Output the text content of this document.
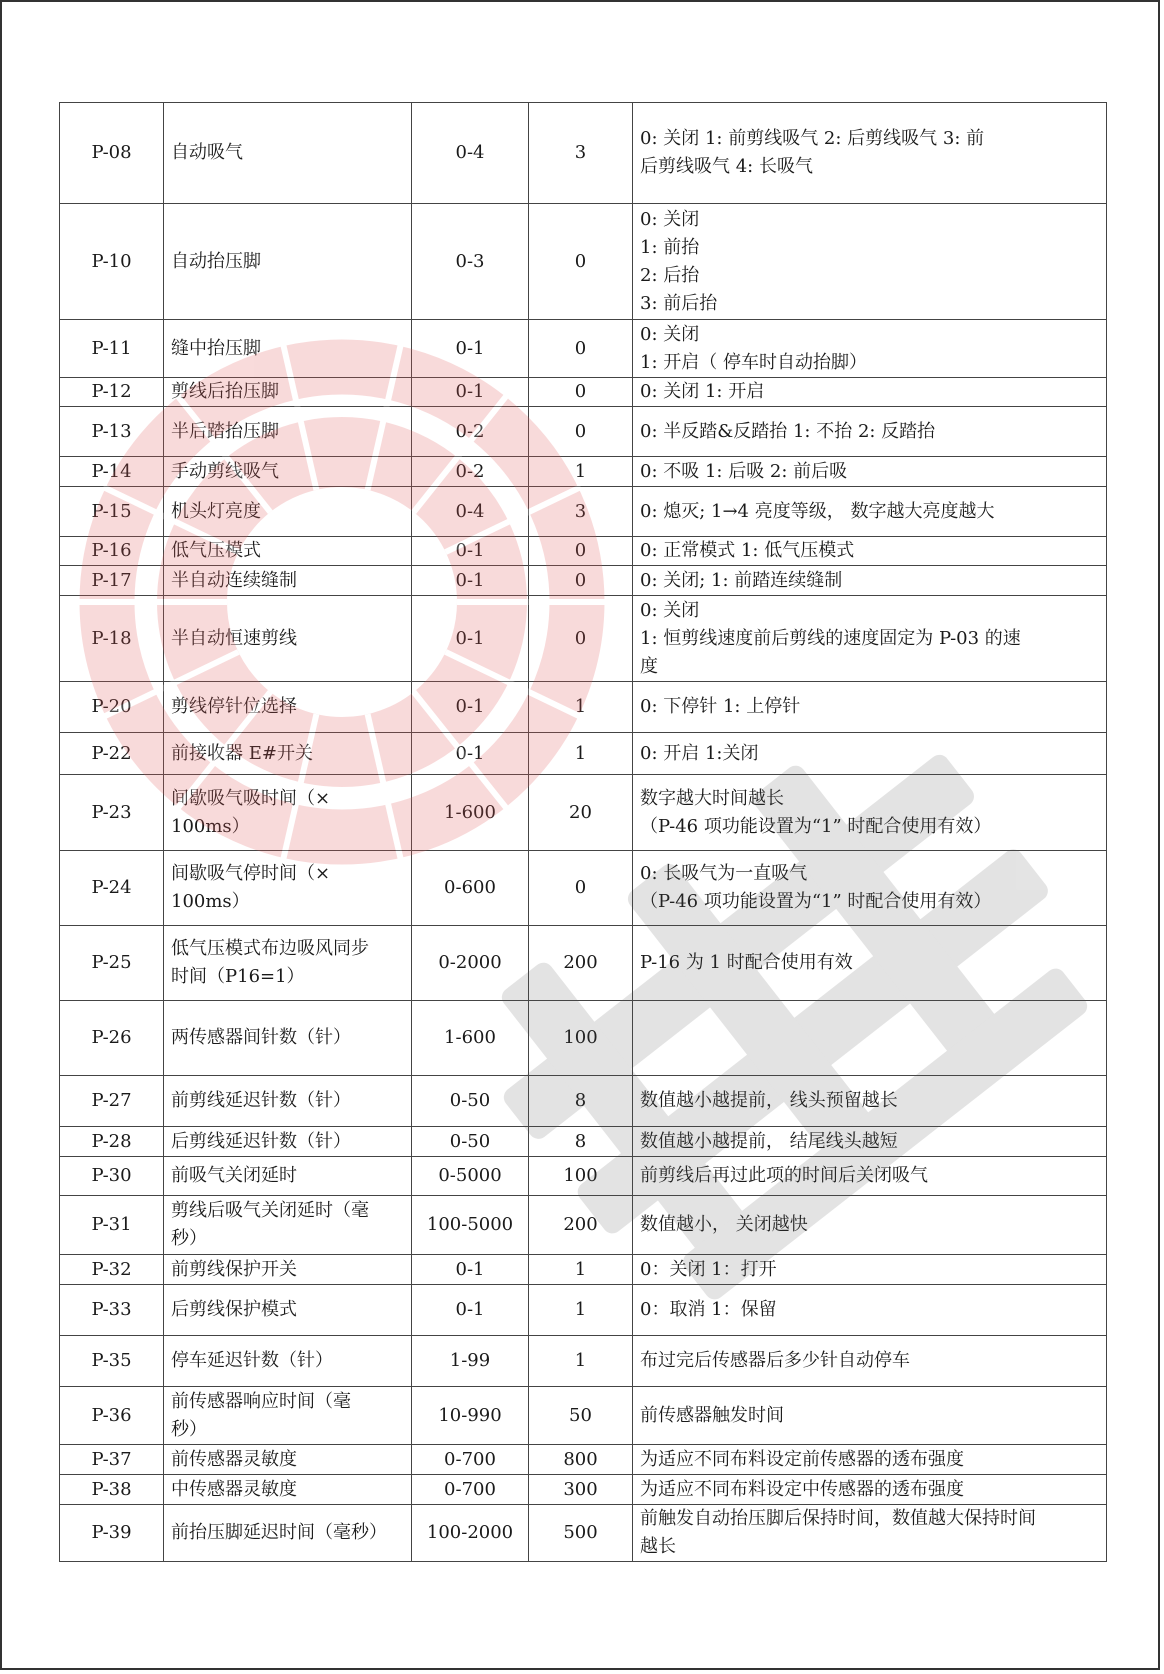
P-08	自动吸气	0-4	3	0: 关闭 1: 前剪线吸气 2: 后剪线吸气 3: 前
后剪线吸气 4: 长吸气

P-10	自动抬压脚	0-3	0	0: 关闭
1: 前抬
2: 后抬
3: 前后抬

P-11	缝中抬压脚	0-1	0	0: 关闭
1: 开启（ 停车时自动抬脚）

P-12	剪线后抬压脚	0-1	0	0: 关闭 1: 开启

P-13	半后踏抬压脚	0-2	0	0: 半反踏&反踏抬 1: 不抬 2: 反踏抬

P-14	手动剪线吸气	0-2	1	0: 不吸 1: 后吸 2: 前后吸

P-15	机头灯亮度	0-4	3	0: 熄灭; 1→4 亮度等级， 数字越大亮度越大

P-16	低气压模式	0-1	0	0: 正常模式 1: 低气压模式

P-17	半自动连续缝制	0-1	0	0: 关闭; 1: 前踏连续缝制

P-18	半自动恒速剪线	0-1	0	0: 关闭
1: 恒剪线速度前后剪线的速度固定为 P-03 的速
度

P-20	剪线停针位选择	0-1	1	0: 下停针 1: 上停针

P-22	前接收器 E#开关	0-1	1	0: 开启 1:关闭

P-23	间歇吸气吸时间（×
100ms）	1-600	20	数字越大时间越长
（P-46 项功能设置为“1” 时配合使用有效）

P-24	间歇吸气停时间（×
100ms）	0-600	0	0: 长吸气为一直吸气
（P-46 项功能设置为“1” 时配合使用有效）

P-25	低气压模式布边吸风同步
时间（P16=1）	0-2000	200	P-16 为 1 时配合使用有效

P-26	两传感器间针数（针）	1-600	100	
P-27	前剪线延迟针数（针）	0-50	8	数值越小越提前， 线头预留越长

P-28	后剪线延迟针数（针）	0-50	8	数值越小越提前， 结尾线头越短

P-30	前吸气关闭延时	0-5000	100	前剪线后再过此项的时间后关闭吸气

P-31	剪线后吸气关闭延时（毫
秒）	100-5000	200	数值越小， 关闭越快

P-32	前剪线保护开关	0-1	1	0：关闭 1：打开

P-33	后剪线保护模式	0-1	1	0：取消 1：保留

P-35	停车延迟针数（针）	1-99	1	布过完后传感器后多少针自动停车

P-36	前传感器响应时间（毫
秒）	10-990	50	前传感器触发时间

P-37	前传感器灵敏度	0-700	800	为适应不同布料设定前传感器的透布强度

P-38	中传感器灵敏度	0-700	300	为适应不同布料设定中传感器的透布强度

P-39	前抬压脚延迟时间（毫秒）	100-2000	500	前触发自动抬压脚后保持时间，数值越大保持时间
越长
